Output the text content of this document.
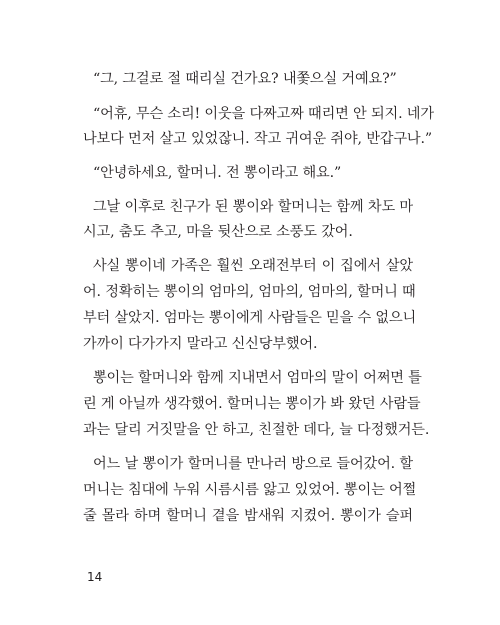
“그, 그걸로 절 때리실 건가요? 내쫓으실 거예요?”
“어휴, 무슨 소리! 이웃을 다짜고짜 때리면 안 되지. 네가
나보다 먼저 살고 있었잖니. 작고 귀여운 쥐야, 반갑구나.”
“안녕하세요, 할머니. 전 뽕이라고 해요.”
그날 이후로 친구가 된 뽕이와 할머니는 함께 차도 마
시고, 춤도 추고, 마을 뒷산으로 소풍도 갔어.
사실 뽕이네 가족은 훨씬 오래전부터 이 집에서 살았
어. 정확히는 뽕이의 엄마의, 엄마의, 엄마의, 할머니 때
부터 살았지. 엄마는 뽕이에게 사람들은 믿을 수 없으니
가까이 다가가지 말라고 신신당부했어.
뽕이는 할머니와 함께 지내면서 엄마의 말이 어쩌면 틀
린 게 아닐까 생각했어. 할머니는 뽕이가 봐 왔던 사람들
과는 달리 거짓말을 안 하고, 친절한 데다, 늘 다정했거든.
어느 날 뽕이가 할머니를 만나러 방으로 들어갔어. 할
머니는 침대에 누워 시름시름 앓고 있었어. 뽕이는 어쩔
줄 몰라 하며 할머니 곁을 밤새워 지켰어. 뽕이가 슬퍼
14
